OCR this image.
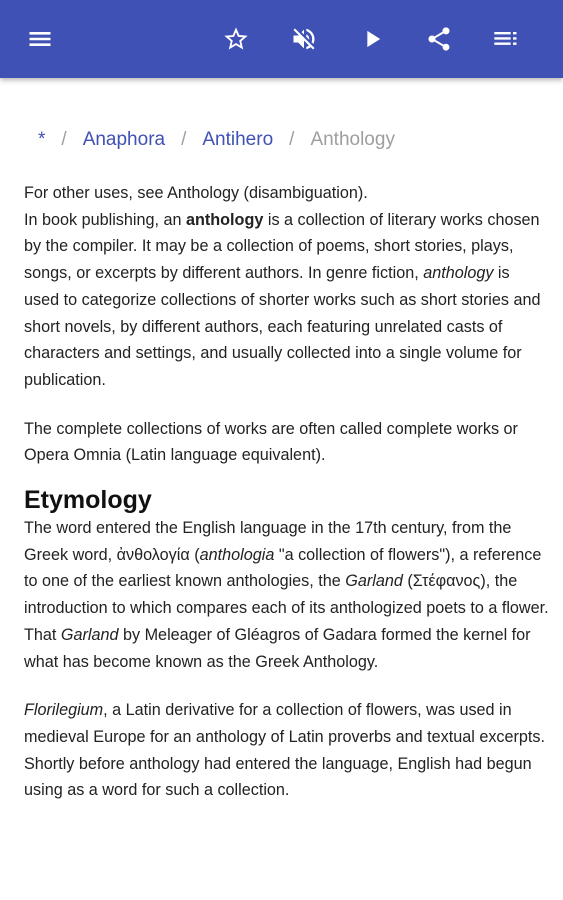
* / Anaphora / Antihero / Anthology

For other uses, see Anthology (disambiguation).

In book publishing, an anthology is a collection of literary works chosen by the compiler. It may be a collection of poems, short stories, plays, songs, or excerpts by different authors. In genre fiction, anthology is used to categorize collections of shorter works such as short stories and short novels, by different authors, each featuring unrelated casts of characters and settings, and usually collected into a single volume for publication.

The complete collections of works are often called complete works or Opera Omnia (Latin language equivalent).

Etymology

The word entered the English language in the 17th century, from the Greek word, ἀνθολογία (anthologia "a collection of flowers"), a reference to one of the earliest known anthologies, the Garland (Στέφανος), the introduction to which compares each of its anthologized poets to a flower. That Garland by Meleager of Gléagros of Gadara formed the kernel for what has become known as the Greek Anthology.

Florilegium, a Latin derivative for a collection of flowers, was used in medieval Europe for an anthology of Latin proverbs and textual excerpts. Shortly before anthology had entered the language, English had begun using as a word for such a collection.
